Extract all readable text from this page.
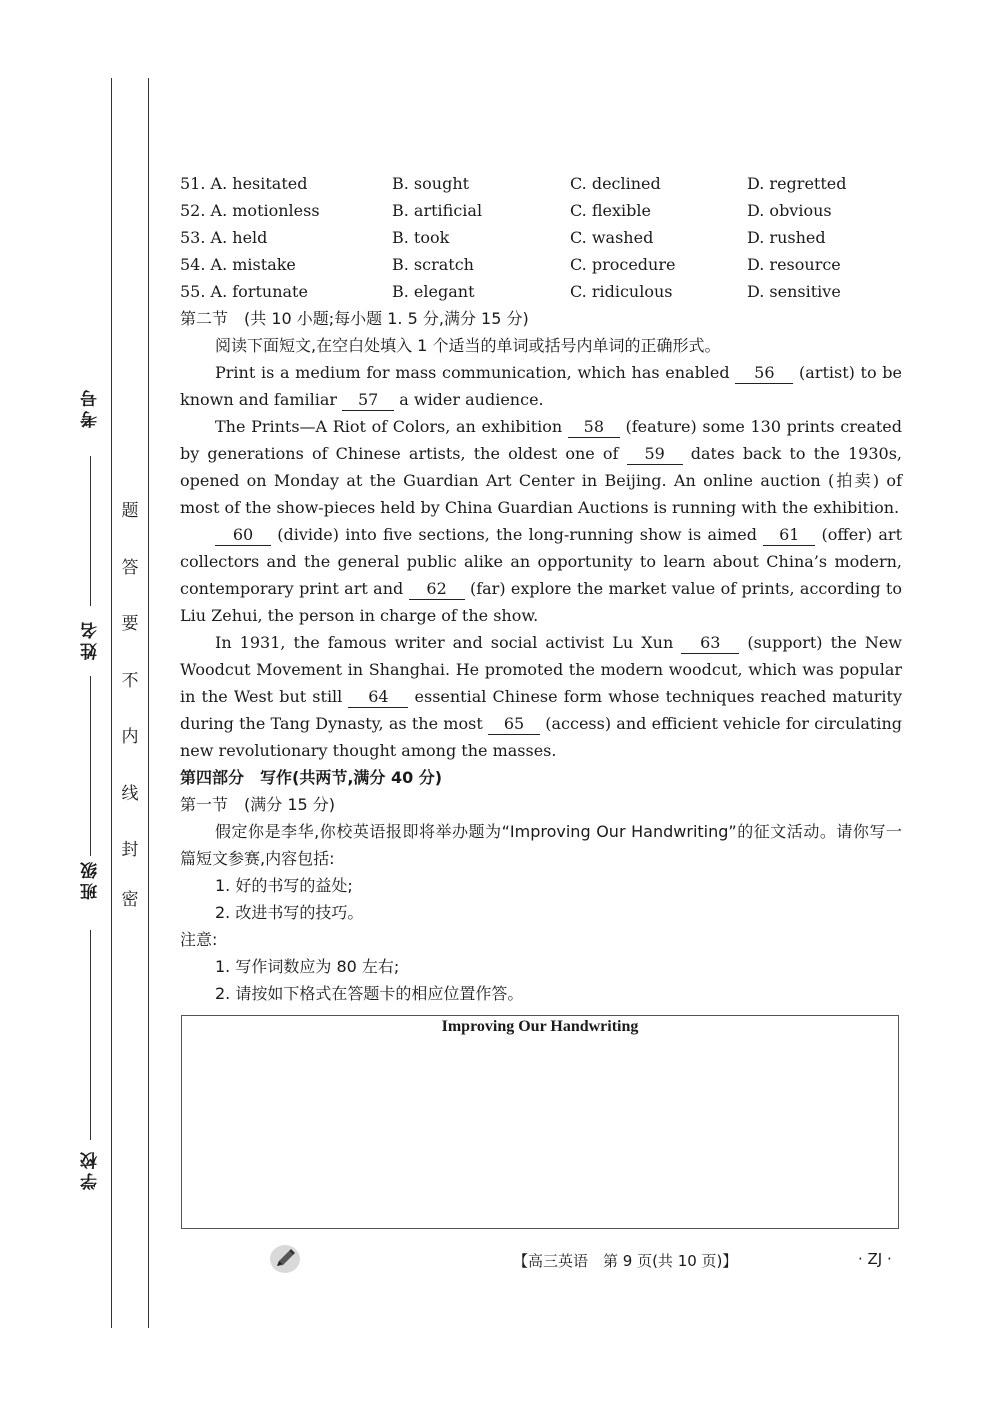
考号
姓名
班级
学校
题
答
要
不
内
线
封
密
51. A. hesitated	B. sought	C. declined	D. regretted
52. A. motionless	B. artificial	C. flexible	D. obvious
53. A. held	B. took	C. washed	D. rushed
54. A. mistake	B. scratch	C. procedure	D. resource
55. A. fortunate	B. elegant	C. ridiculous	D. sensitive

第二节　(共 10 小题;每小题 1. 5 分,满分 15 分)

阅读下面短文,在空白处填入 1 个适当的单词或括号内单词的正确形式。

Print is a medium for mass communication, which has enabled 56 (artist) to be known and familiar 57 a wider audience.

The Prints—A Riot of Colors, an exhibition 58 (feature) some 130 prints created by generations of Chinese artists, the oldest one of 59 dates back to the 1930s, opened on Monday at the Guardian Art Center in Beijing. An online auction (拍卖) of most of the show-pieces held by China Guardian Auctions is running with the exhibition.

60 (divide) into five sections, the long-running show is aimed 61 (offer) art collectors and the general public alike an opportunity to learn about China’s modern, contemporary print art and 62 (far) explore the market value of prints, according to Liu Zehui, the person in charge of the show.

In 1931, the famous writer and social activist Lu Xun 63 (support) the New Woodcut Movement in Shanghai. He promoted the modern woodcut, which was popular in the West but still 64 essential Chinese form whose techniques reached maturity during the Tang Dynasty, as the most 65 (access) and efficient vehicle for circulating new revolutionary thought among the masses.

第四部分　写作(共两节,满分 40 分)

第一节　(满分 15 分)

假定你是李华,你校英语报即将举办题为“Improving Our Handwriting”的征文活动。请你写一篇短文参赛,内容包括:

1. 好的书写的益处;

2. 改进书写的技巧。

注意:

1. 写作词数应为 80 左右;

2. 请按如下格式在答题卡的相应位置作答。

Improving Our Handwriting
【高三英语　第 9 页(共 10 页)】	· ZJ ·
